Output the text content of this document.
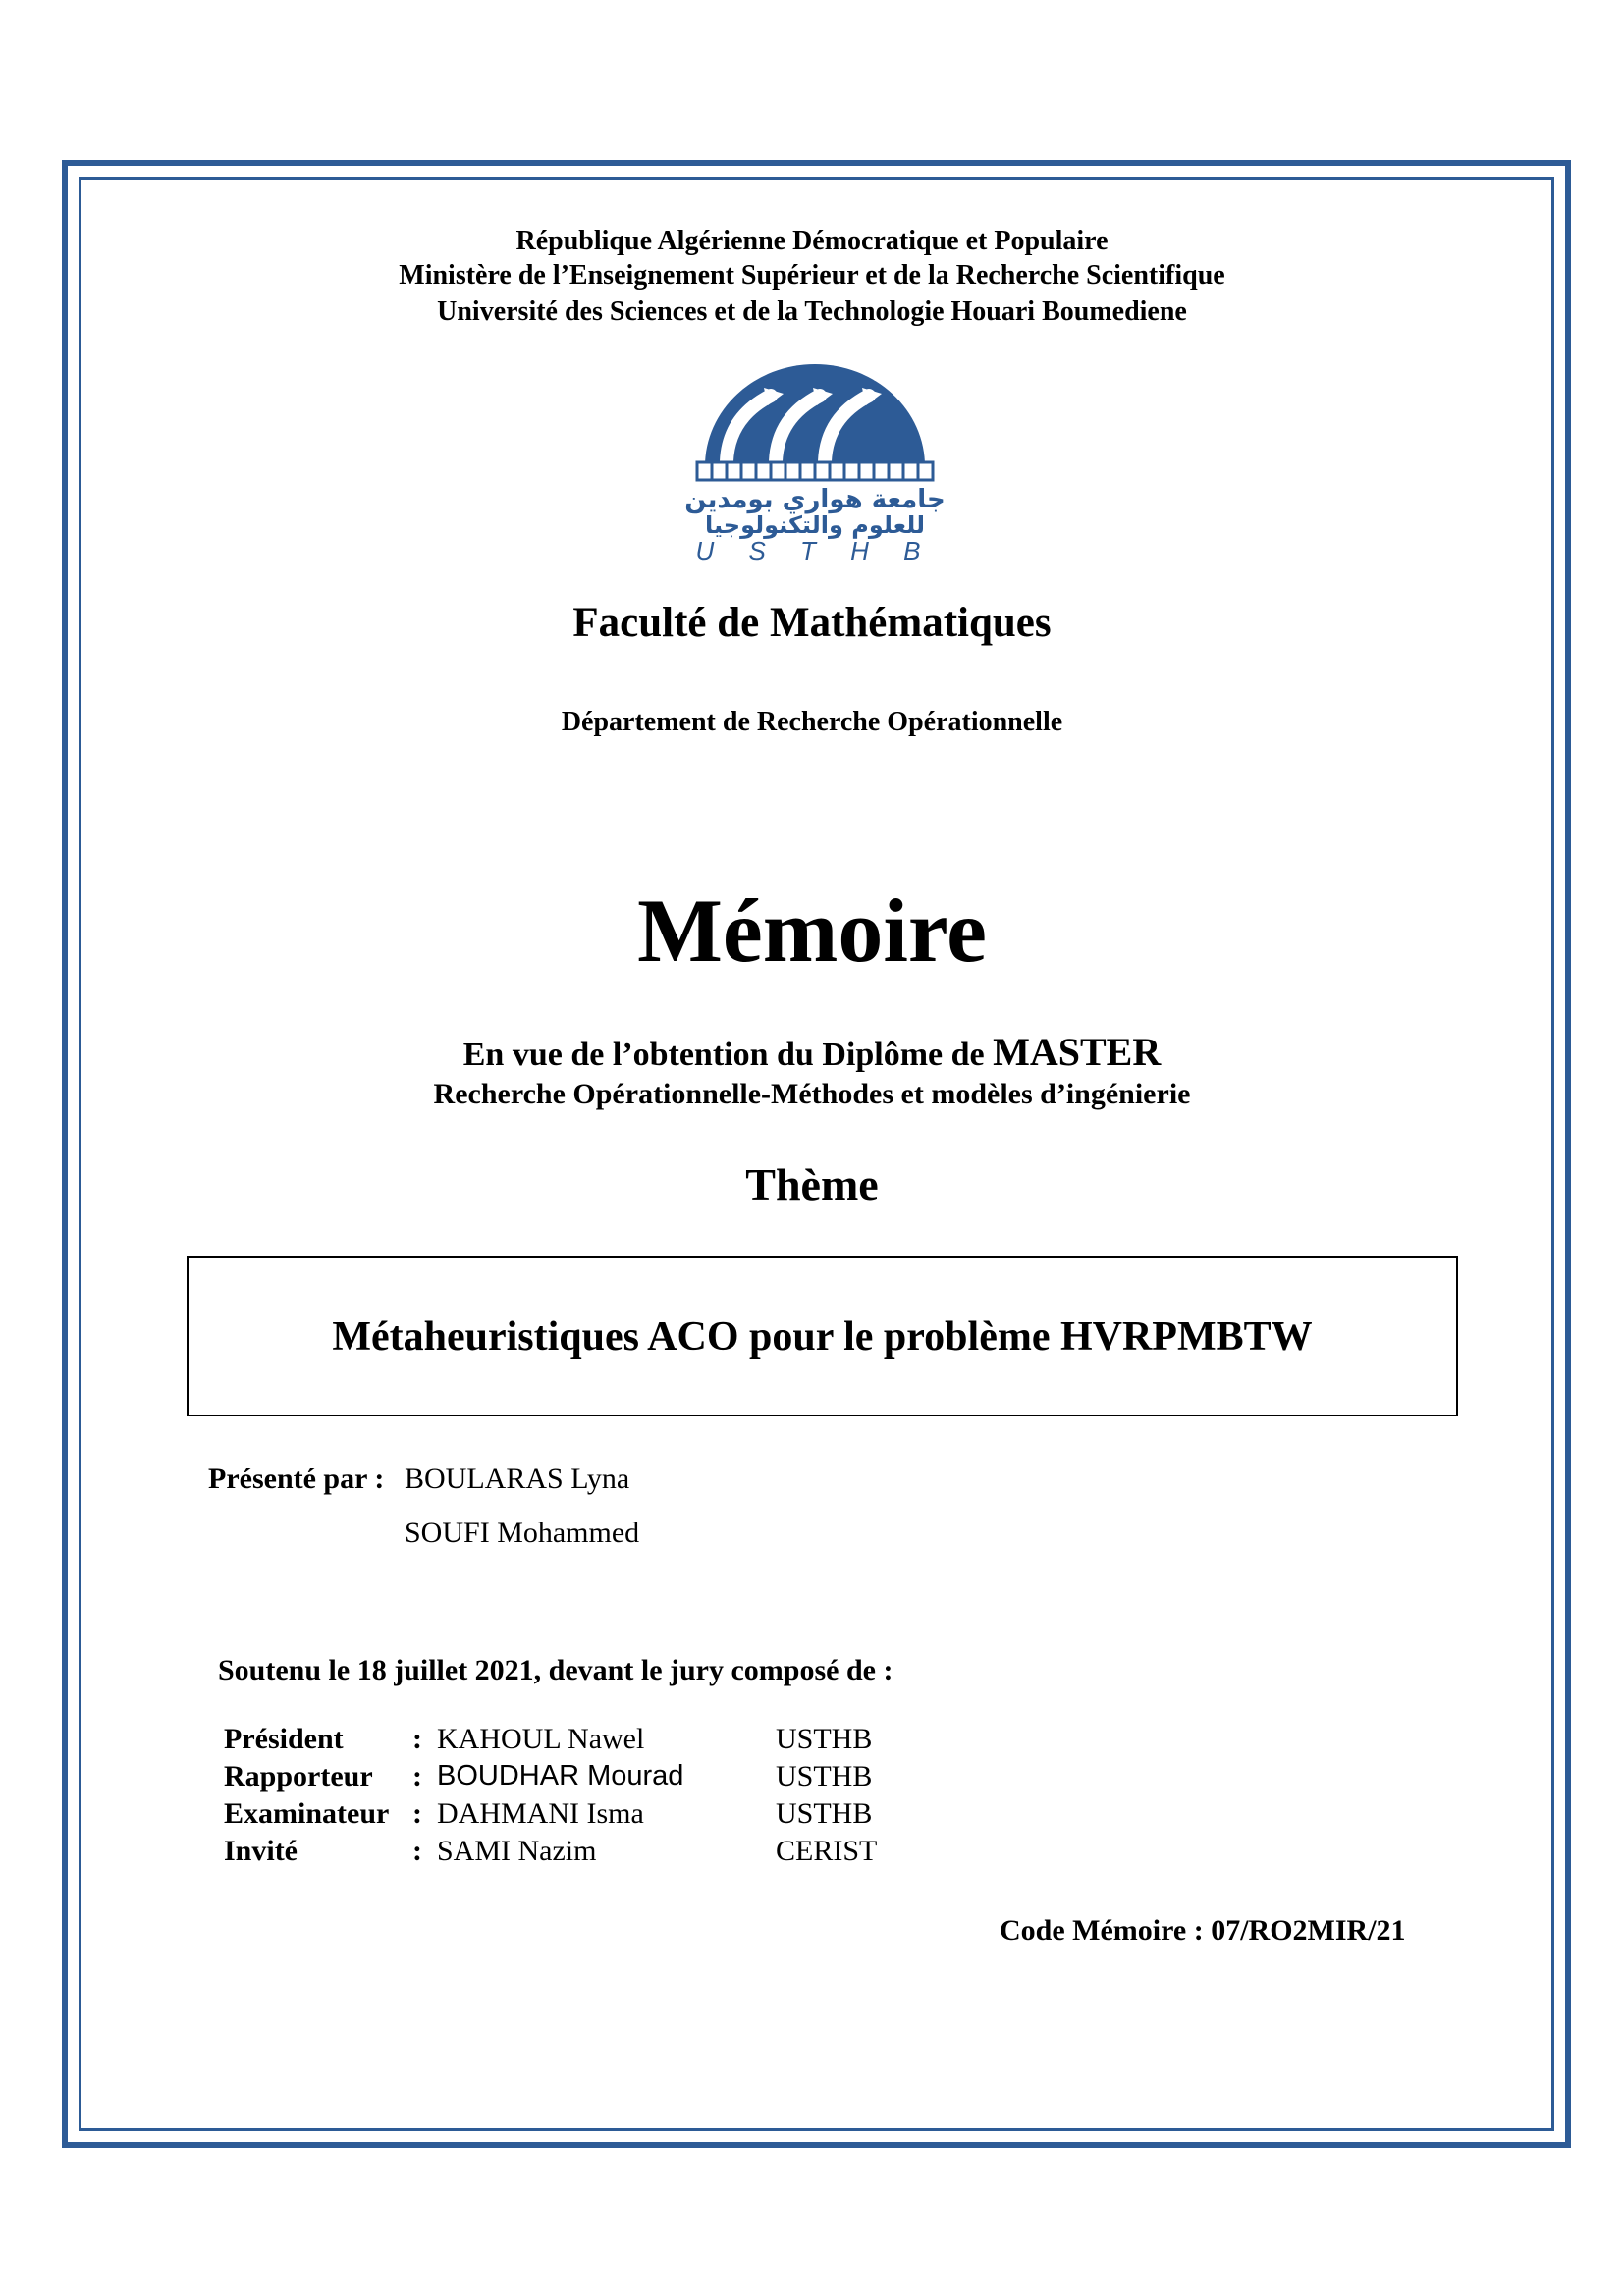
République Algérienne Démocratique et Populaire
Ministère de l’Enseignement Supérieur et de la Recherche Scientifique
Université des Sciences et de la Technologie Houari Boumediene
جامعة هواري بومدين
للعلوم والتكنولوجيا
U S T H B
Faculté de Mathématiques
Département de Recherche Opérationnelle
Mémoire
En vue de l’obtention du Diplôme de MASTER
Recherche Opérationnelle-Méthodes et modèles d’ingénierie
Thème
Métaheuristiques ACO pour le problème HVRPMBTW
Présenté par : BOULARAS Lyna
SOUFI Mohammed
Soutenu le 18 juillet 2021, devant le jury composé de :
Président : KAHOUL Nawel	USTHB
Rapporteur : BOUDHAR Mourad	USTHB
Examinateur : DAHMANI Isma	USTHB
Invité	: SAMI Nazim	CERIST
Code Mémoire : 07/RO2MIR/21
